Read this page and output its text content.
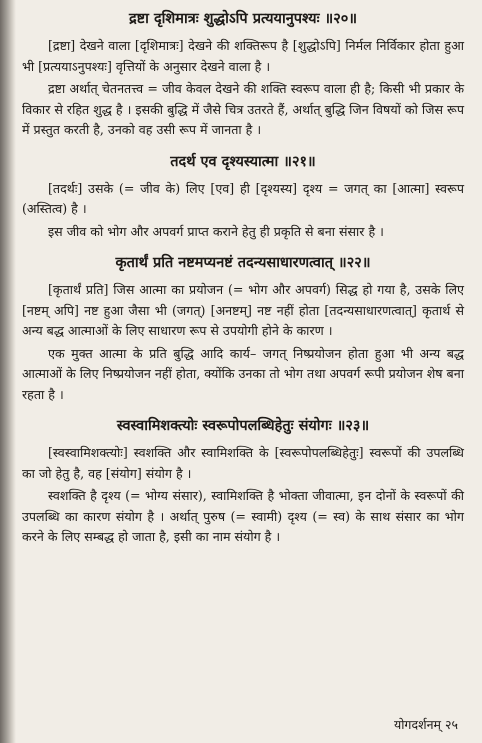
द्रष्टा दृशिमात्रः शुद्धोऽपि प्रत्ययानुपश्यः ॥२०॥

[द्रष्टा] देखने वाला [दृशिमात्रः] देखने की शक्तिरूप है [शुद्धोऽपि] निर्मल निर्विकार होता हुआ भी [प्रत्ययाऽनुपश्यः] वृत्तियों के अनुसार देखने वाला है ।

द्रष्टा अर्थात् चेतनतत्त्व = जीव केवल देखने की शक्ति स्वरूप वाला ही है; किसी भी प्रकार के विकार से रहित शुद्ध है । इसकी बुद्धि में जैसे चित्र उतरते हैं, अर्थात् बुद्धि जिन विषयों को जिस रूप में प्रस्तुत करती है, उनको वह उसी रूप में जानता है ।

तदर्थ एव दृश्यस्यात्मा ॥२१॥

[तदर्थः] उसके (= जीव के) लिए [एव] ही [दृश्यस्य] दृश्य = जगत् का [आत्मा] स्वरूप (अस्तित्व) है ।

इस जीव को भोग और अपवर्ग प्राप्त कराने हेतु ही प्रकृति से बना संसार है ।

कृतार्थं प्रति नष्टमप्यनष्टं तदन्यसाधारणत्वात् ॥२२॥

[कृतार्थं प्रति] जिस आत्मा का प्रयोजन (= भोग और अपवर्ग) सिद्ध हो गया है, उसके लिए [नष्टम् अपि] नष्ट हुआ जैसा भी (जगत्) [अनष्टम्] नष्ट नहीं होता [तदन्यसाधारणत्वात्] कृतार्थ से अन्य बद्ध आत्माओं के लिए साधारण रूप से उपयोगी होने के कारण ।

एक मुक्त आत्मा के प्रति बुद्धि आदि कार्य– जगत् निष्प्रयोजन होता हुआ भी अन्य बद्ध आत्माओं के लिए निष्प्रयोजन नहीं होता, क्योंकि उनका तो भोग तथा अपवर्ग रूपी प्रयोजन शेष बना रहता है ।

स्वस्वामिशक्त्योः स्वरूपोपलब्धिहेतुः संयोगः ॥२३॥

[स्वस्वामिशक्त्योः] स्वशक्ति और स्वामिशक्ति के [स्वरूपोपलब्धिहेतुः] स्वरूपों की उपलब्धि का जो हेतु है, वह [संयोग] संयोग है ।

स्वशक्ति है दृश्य (= भोग्य संसार), स्वामिशक्ति है भोक्ता जीवात्मा, इन दोनों के स्वरूपों की उपलब्धि का कारण संयोग है । अर्थात् पुरुष (= स्वामी) दृश्य (= स्व) के साथ संसार का भोग करने के लिए सम्बद्ध हो जाता है, इसी का नाम संयोग है ।

योगदर्शनम् २५
